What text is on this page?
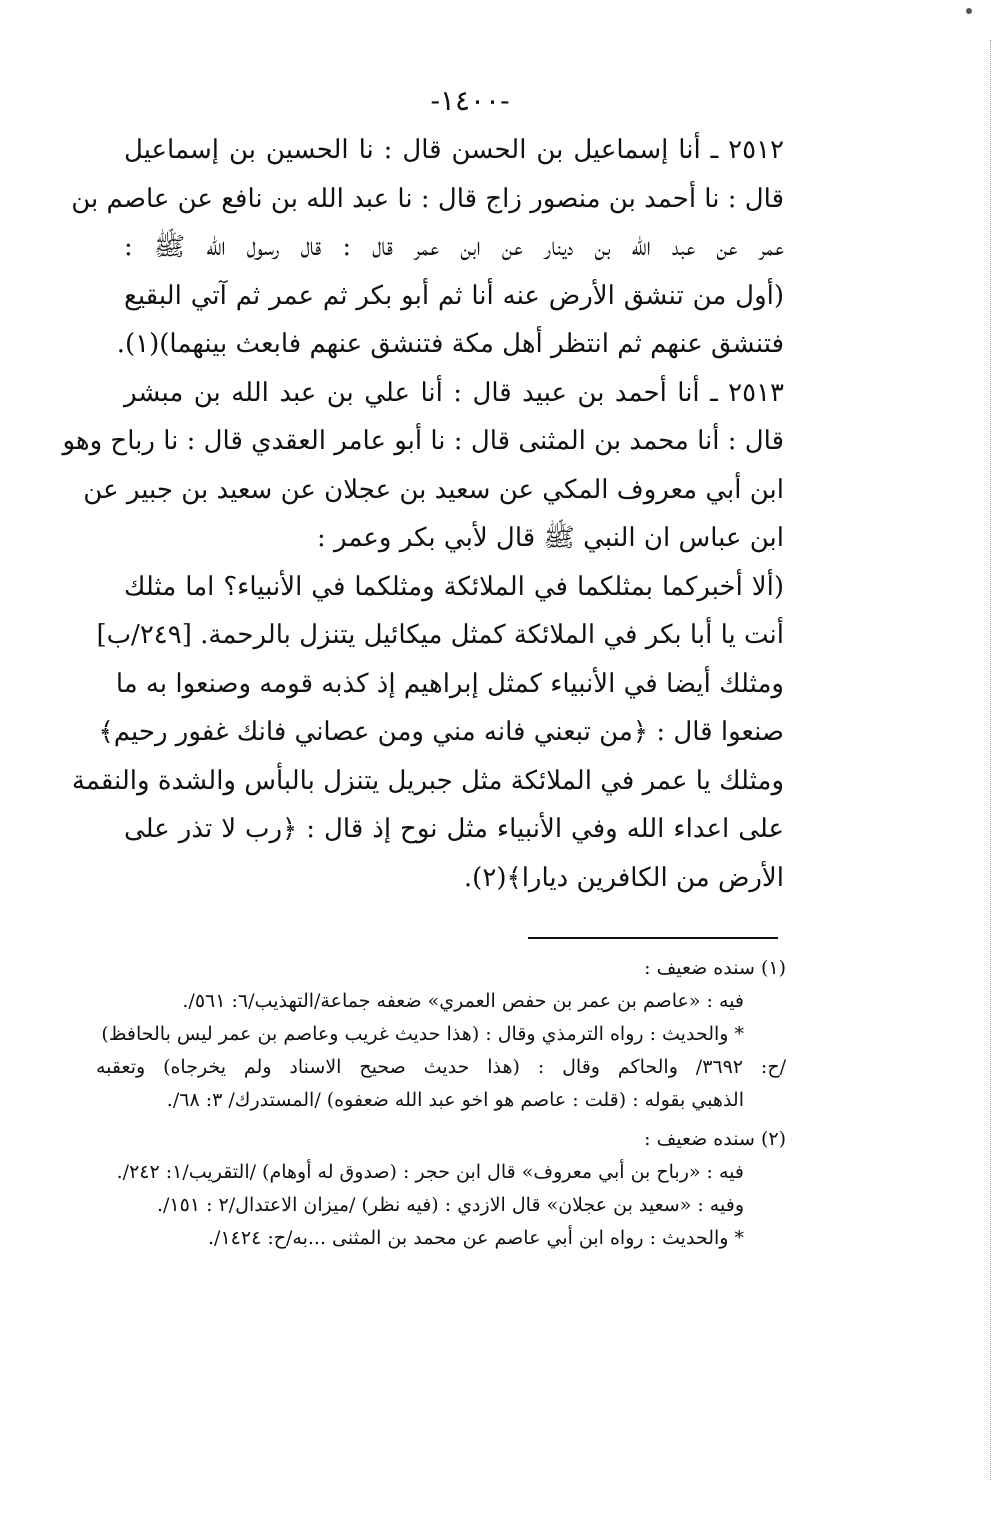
-١٤٠٠-
٢٥١٢ ـ أنا إسماعيل بن الحسن قال : نا الحسين بن إسماعيل
قال : نا أحمد بن منصور زاج قال : نا عبد الله بن نافع عن عاصم بن
عمر عن عبد الله بن دينار عن ابن عمر قال : قال رسول الله ﷺ :
(أول من تنشق الأرض عنه أنا ثم أبو بكر ثم عمر ثم آتي البقيع
فتنشق عنهم ثم انتظر أهل مكة فتنشق عنهم فابعث بينهما)(١).
٢٥١٣ ـ أنا أحمد بن عبيد قال : أنا علي بن عبد الله بن مبشر
قال : أنا محمد بن المثنى قال : نا أبو عامر العقدي قال : نا رباح وهو
ابن أبي معروف المكي عن سعيد بن عجلان عن سعيد بن جبير عن
ابن عباس ان النبي ﷺ قال لأبي بكر وعمر :
(ألا أخبركما بمثلكما في الملائكة ومثلكما في الأنبياء؟ اما مثلك
أنت يا أبا بكر في الملائكة كمثل ميكائيل يتنزل بالرحمة. [٢٤٩/ب]
ومثلك أيضا في الأنبياء كمثل إبراهيم إذ كذبه قومه وصنعوا به ما
صنعوا قال : ﴿من تبعني فانه مني ومن عصاني فانك غفور رحيم﴾
ومثلك يا عمر في الملائكة مثل جبريل يتنزل بالبأس والشدة والنقمة
على اعداء الله وفي الأنبياء مثل نوح إذ قال : ﴿رب لا تذر على
الأرض من الكافرين ديارا﴾(٢).
(١) سنده ضعيف :
فيه : «عاصم بن عمر بن حفص العمري» ضعفه جماعة/التهذيب/٦: ٥٦١/.
* والحديث : رواه الترمذي وقال : (هذا حديث غريب وعاصم بن عمر ليس بالحافظ)
/ح: ٣٦٩٢/ والحاكم وقال : (هذا حديث صحيح الاسناد ولم يخرجاه) وتعقبه
الذهبي بقوله : (قلت : عاصم هو اخو عبد الله ضعفوه) /المستدرك/ ٣: ٦٨/.
(٢) سنده ضعيف :
فيه : «رباح بن أبي معروف» قال ابن حجر : (صدوق له أوهام) /التقريب/١: ٢٤٢/.
وفيه : «سعيد بن عجلان» قال الازدي : (فيه نظر) /ميزان الاعتدال/٢ : ١٥١/.
* والحديث : رواه ابن أبي عاصم عن محمد بن المثنى ...به/ح: ١٤٢٤/.
